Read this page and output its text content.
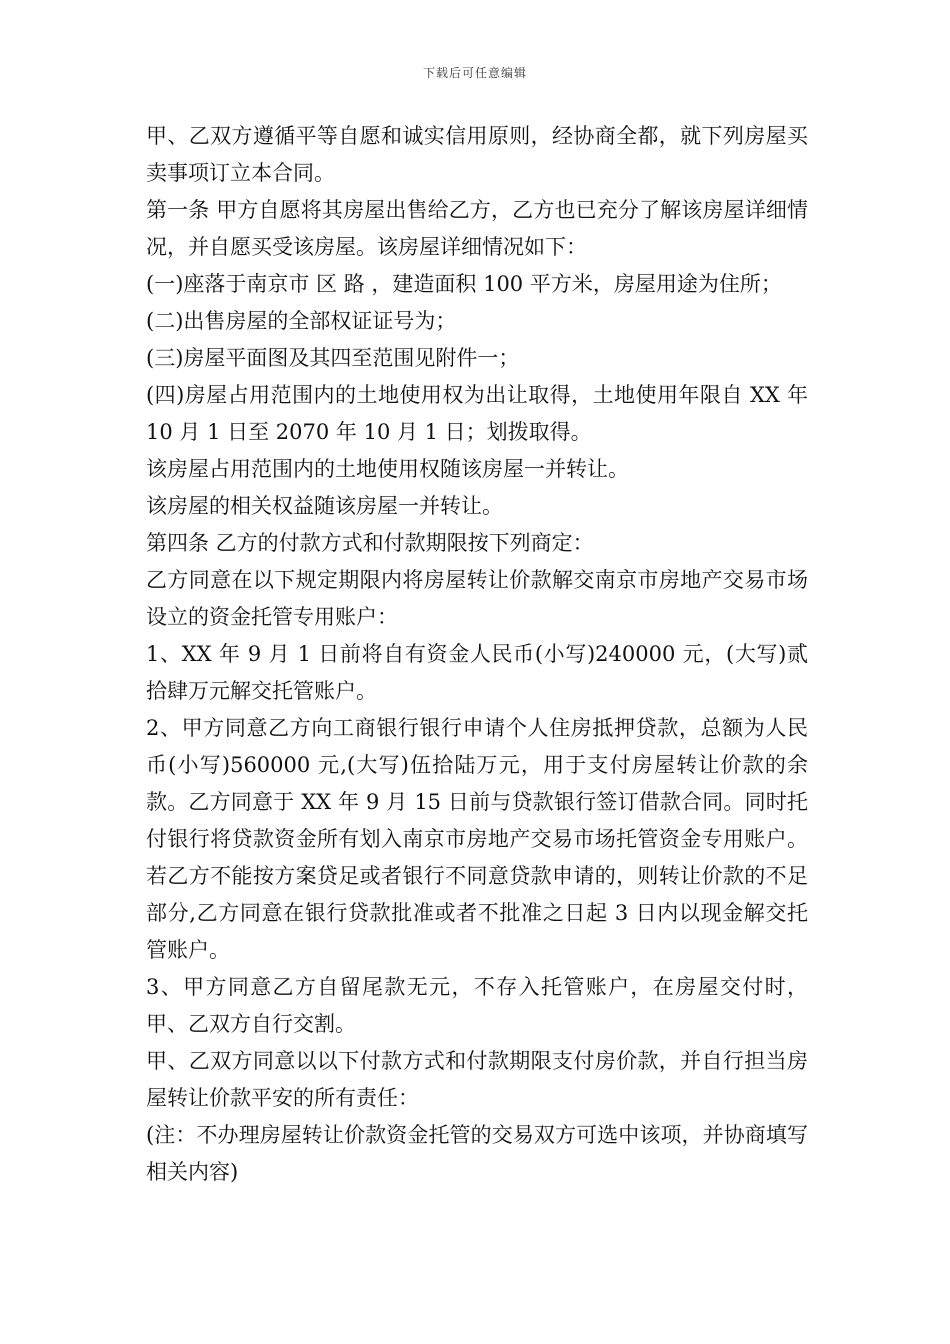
下载后可任意编辑

甲、乙双方遵循平等自愿和诚实信用原则，经协商全都，就下列房屋买卖事项订立本合同。

第一条 甲方自愿将其房屋出售给乙方，乙方也已充分了解该房屋详细情况，并自愿买受该房屋。该房屋详细情况如下：

(一)座落于南京市 区 路 ，建造面积 100 平方米，房屋用途为住所；

(二)出售房屋的全部权证证号为；

(三)房屋平面图及其四至范围见附件一；

(四)房屋占用范围内的土地使用权为出让取得，土地使用年限自 XX 年 10 月 1 日至 2070 年 10 月 1 日；划拨取得。

该房屋占用范围内的土地使用权随该房屋一并转让。

该房屋的相关权益随该房屋一并转让。

第四条 乙方的付款方式和付款期限按下列商定：

乙方同意在以下规定期限内将房屋转让价款解交南京市房地产交易市场设立的资金托管专用账户：

1、XX 年 9 月 1 日前将自有资金人民币(小写)240000 元，(大写)贰拾肆万元解交托管账户。

2、甲方同意乙方向工商银行银行申请个人住房抵押贷款，总额为人民币(小写)560000 元,(大写)伍拾陆万元，用于支付房屋转让价款的余款。乙方同意于 XX 年 9 月 15 日前与贷款银行签订借款合同。同时托付银行将贷款资金所有划入南京市房地产交易市场托管资金专用账户。若乙方不能按方案贷足或者银行不同意贷款申请的，则转让价款的不足部分,乙方同意在银行贷款批准或者不批准之日起 3 日内以现金解交托管账户。

3、甲方同意乙方自留尾款无元，不存入托管账户，在房屋交付时，甲、乙双方自行交割。

甲、乙双方同意以以下付款方式和付款期限支付房价款，并自行担当房屋转让价款平安的所有责任：

(注：不办理房屋转让价款资金托管的交易双方可选中该项，并协商填写相关内容)
